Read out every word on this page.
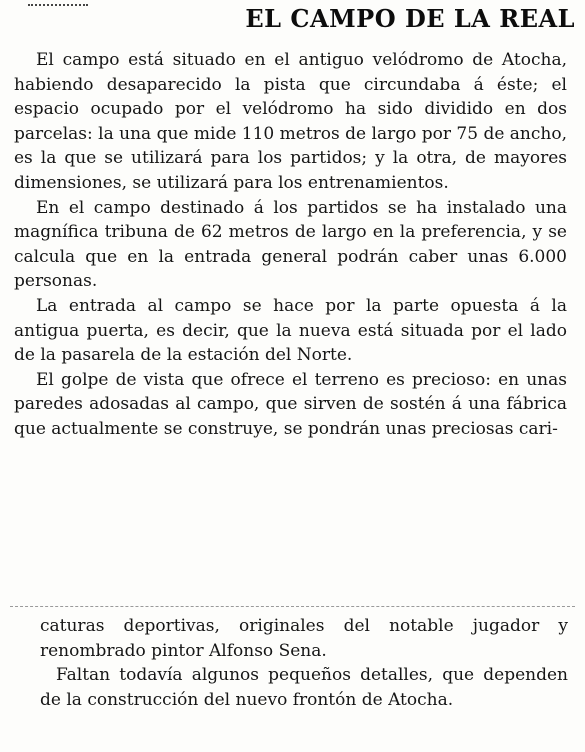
EL CAMPO DE LA REAL

El campo está situado en el antiguo velódromo de Atocha, habiendo desaparecido la pista que circundaba á éste; el espacio ocupado por el velódromo ha sido dividido en dos parcelas: la una que mide 110 metros de largo por 75 de ancho, es la que se utilizará para los partidos; y la otra, de mayores dimensiones, se utilizará para los entrenamientos.

En el campo destinado á los partidos se ha instalado una magnífica tribuna de 62 metros de largo en la preferencia, y se calcula que en la entrada general podrán caber unas 6.000 personas.

La entrada al campo se hace por la parte opuesta á la antigua puerta, es decir, que la nueva está situada por el lado de la pasarela de la estación del Norte.

El golpe de vista que ofrece el terreno es precioso: en unas paredes adosadas al campo, que sirven de sostén á una fábrica que actualmente se construye, se pondrán unas preciosas cari-

caturas deportivas, originales del notable jugador y renombrado pintor Alfonso Sena.

Faltan todavía algunos pequeños detalles, que dependen de la construcción del nuevo frontón de Atocha.
